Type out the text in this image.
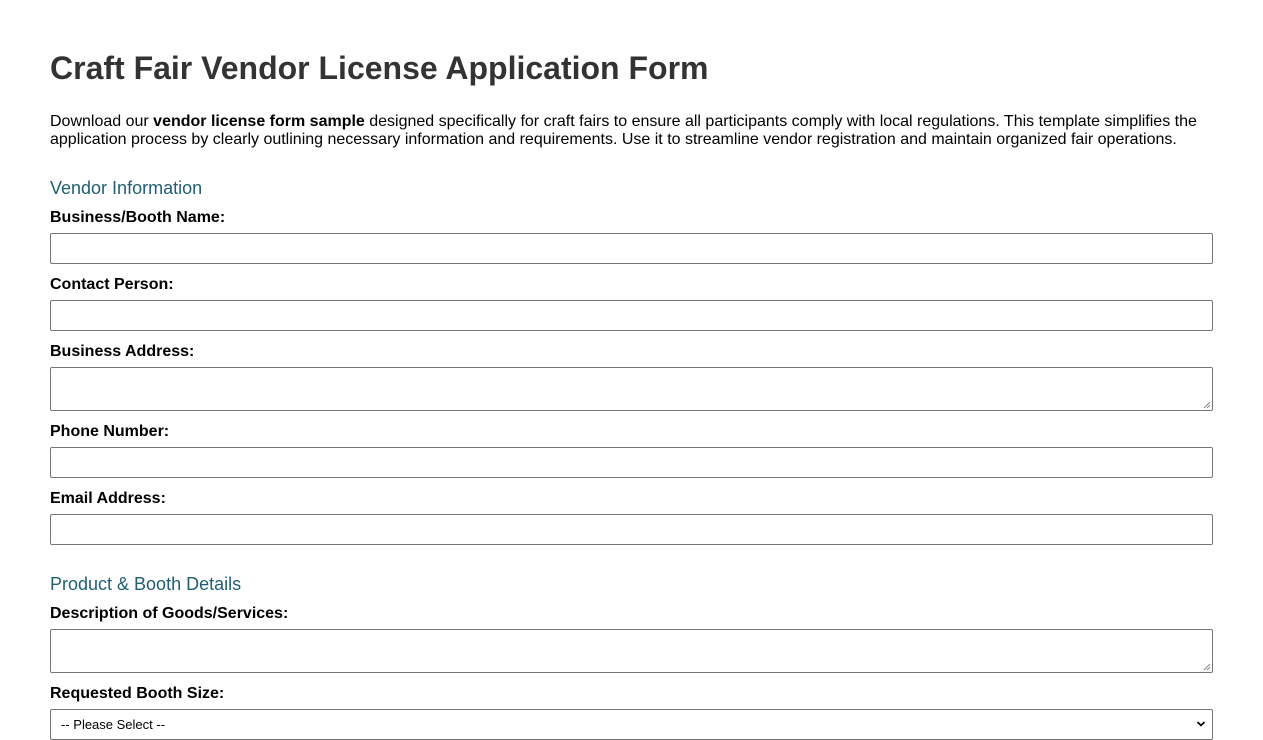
Craft Fair Vendor License Application Form

Download our vendor license form sample designed specifically for craft fairs to ensure all participants comply with local regulations. This template simplifies the application process by clearly outlining necessary information and requirements. Use it to streamline vendor registration and maintain organized fair operations.

Vendor Information
Business/Booth Name:
Contact Person:
Business Address:
Phone Number:
Email Address:
Product & Booth Details
Description of Goods/Services:
Requested Booth Size:
-- Please Select --
